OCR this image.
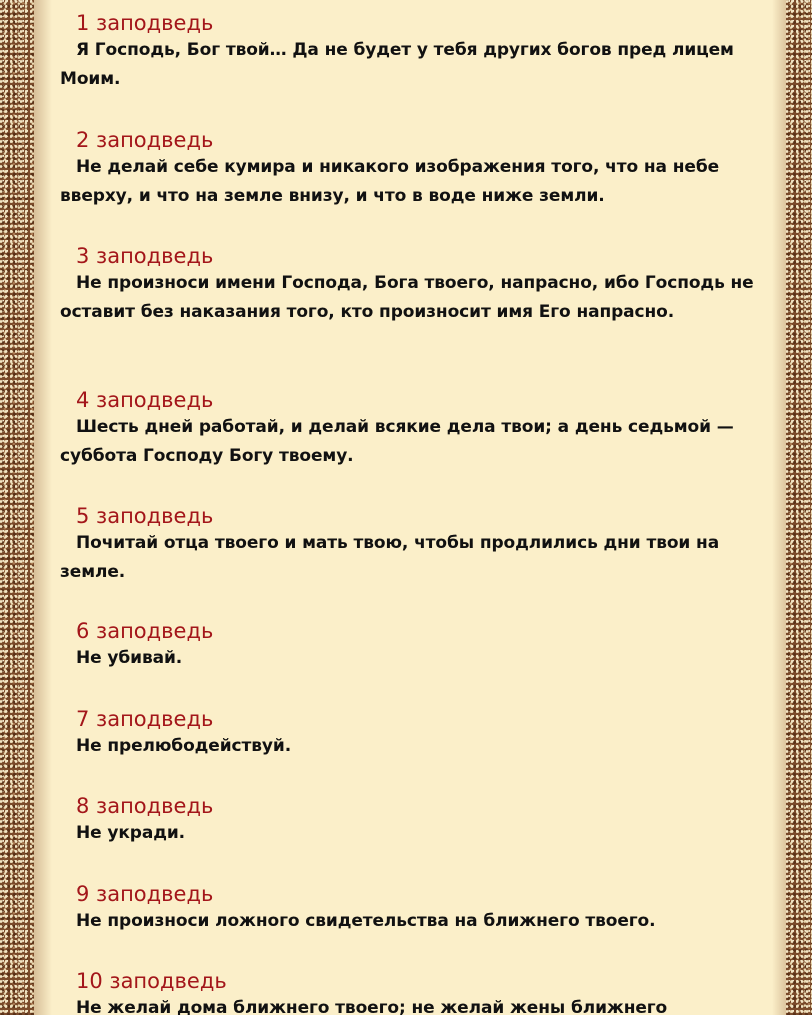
1 заподведь
Я Господь, Бог твой… Да не будет у тебя других богов пред лицем Моим.
2 заподведь
Не делай себе кумира и никакого изображения того, что на небе вверху, и что на земле внизу, и что в воде ниже земли.
3 заподведь
Не произноси имени Господа, Бога твоего, напрасно, ибо Господь не оставит без наказания того, кто произносит имя Его напрасно.
4 заподведь
Шесть дней работай, и делай всякие дела твои; а день седьмой — суббота Господу Богу твоему.
5 заподведь
Почитай отца твоего и мать твою, чтобы продлились дни твои на земле.
6 заподведь
Не убивай.
7 заподведь
Не прелюбодействуй.
8 заподведь
Не укради.
9 заподведь
Не произноси ложного свидетельства на ближнего твоего.
10 заподведь
Не желай дома ближнего твоего; не желай жены ближнего
